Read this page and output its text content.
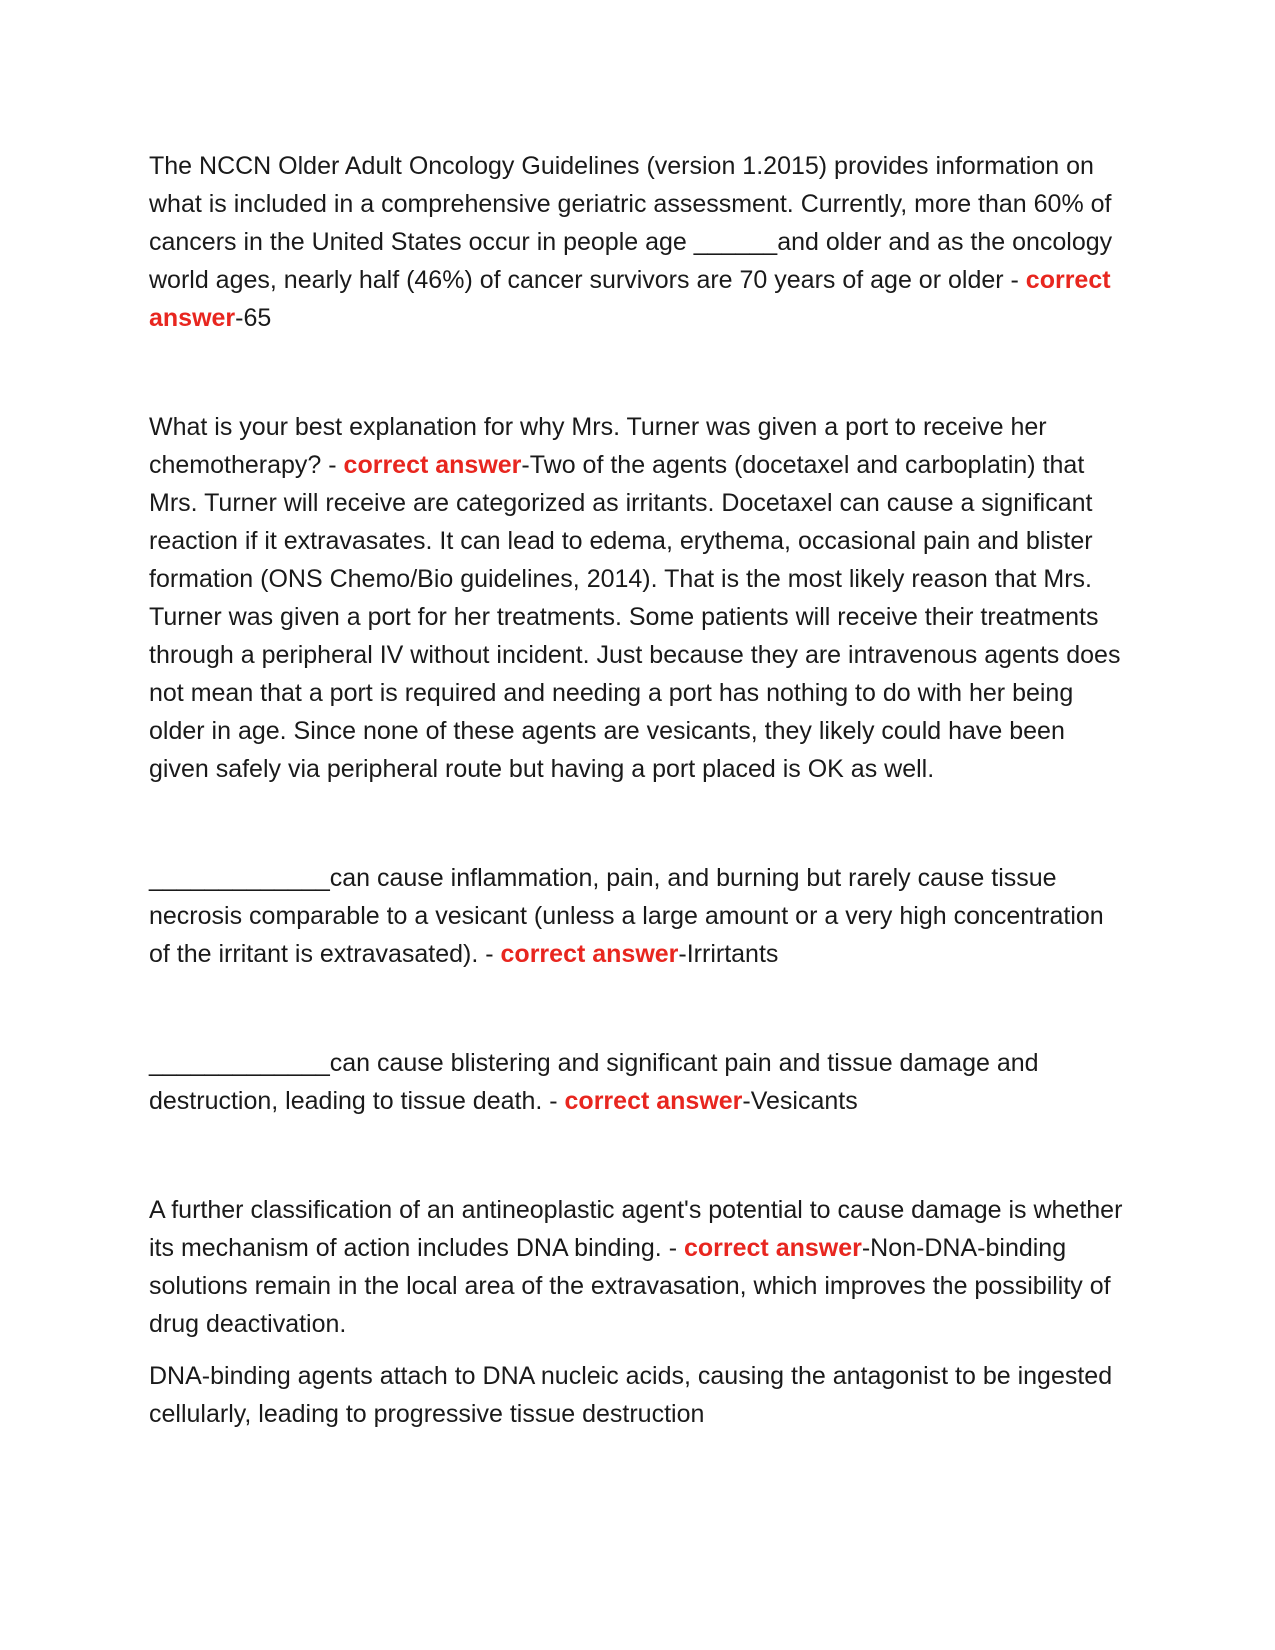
The NCCN Older Adult Oncology Guidelines (version 1.2015) provides information on what is included in a comprehensive geriatric assessment. Currently, more than 60% of cancers in the United States occur in people age ______and older and as the oncology world ages, nearly half (46%) of cancer survivors are 70 years of age or older - correct answer-65

What is your best explanation for why Mrs. Turner was given a port to receive her chemotherapy? - correct answer-Two of the agents (docetaxel and carboplatin) that Mrs. Turner will receive are categorized as irritants. Docetaxel can cause a significant reaction if it extravasates. It can lead to edema, erythema, occasional pain and blister formation (ONS Chemo/Bio guidelines, 2014). That is the most likely reason that Mrs. Turner was given a port for her treatments. Some patients will receive their treatments through a peripheral IV without incident. Just because they are intravenous agents does not mean that a port is required and needing a port has nothing to do with her being older in age. Since none of these agents are vesicants, they likely could have been given safely via peripheral route but having a port placed is OK as well.

_____________can cause inflammation, pain, and burning but rarely cause tissue necrosis comparable to a vesicant (unless a large amount or a very high concentration of the irritant is extravasated). - correct answer-Irrirtants

_____________can cause blistering and significant pain and tissue damage and destruction, leading to tissue death. - correct answer-Vesicants

A further classification of an antineoplastic agent's potential to cause damage is whether its mechanism of action includes DNA binding. - correct answer-Non-DNA-binding solutions remain in the local area of the extravasation, which improves the possibility of drug deactivation.

DNA-binding agents attach to DNA nucleic acids, causing the antagonist to be ingested cellularly, leading to progressive tissue destruction
